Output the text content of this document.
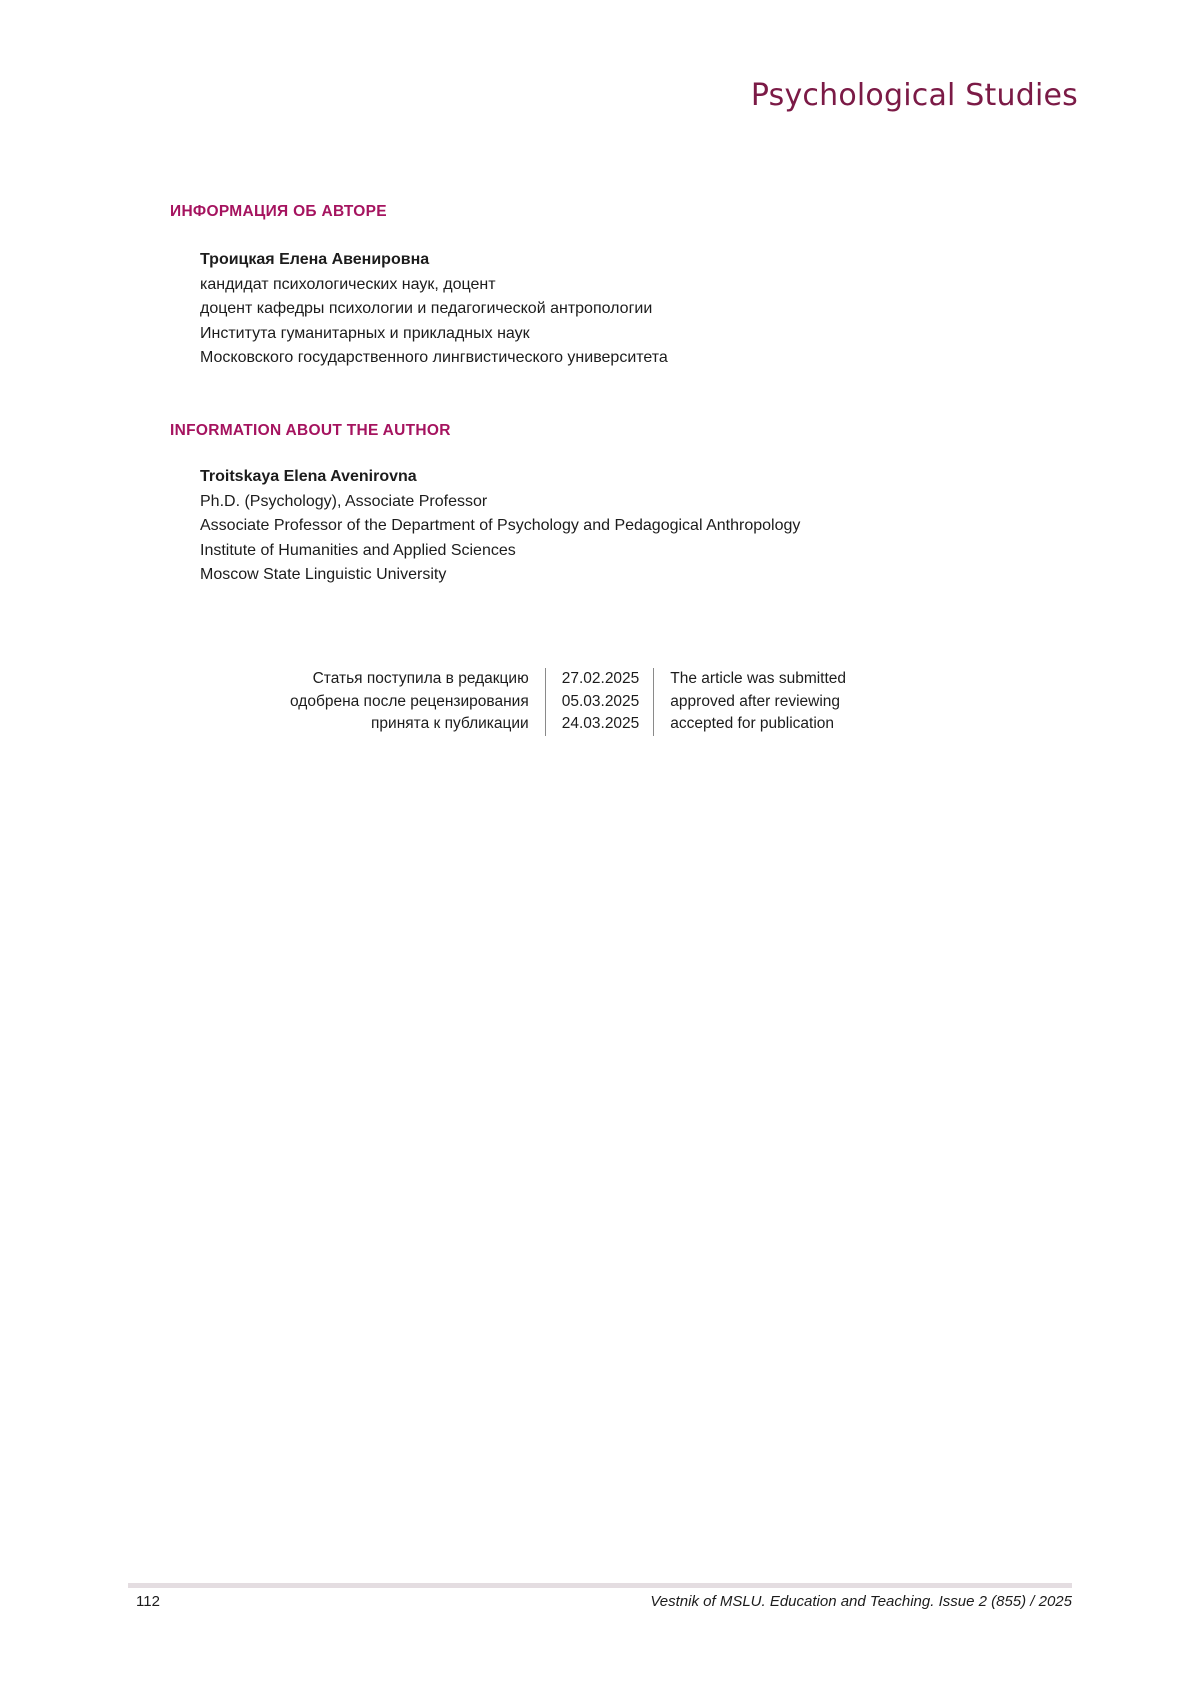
Psychological Studies
ИНФОРМАЦИЯ ОБ АВТОРЕ
Троицкая Елена Авенировна
кандидат психологических наук, доцент
доцент кафедры психологии и педагогической антропологии
Института гуманитарных и прикладных наук
Московского государственного лингвистического университета
INFORMATION ABOUT THE AUTHOR
Troitskaya Elena Avenirovna
Ph.D. (Psychology), Associate Professor
Associate Professor of the Department of Psychology and Pedagogical Anthropology
Institute of Humanities and Applied Sciences
Moscow State Linguistic University
Статья поступила в редакцию	27.02.2025	The article was submitted
одобрена после рецензирования	05.03.2025	approved after reviewing
принята к публикации	24.03.2025	accepted for publication
112	Vestnik of MSLU. Education and Teaching. Issue 2 (855) / 2025
